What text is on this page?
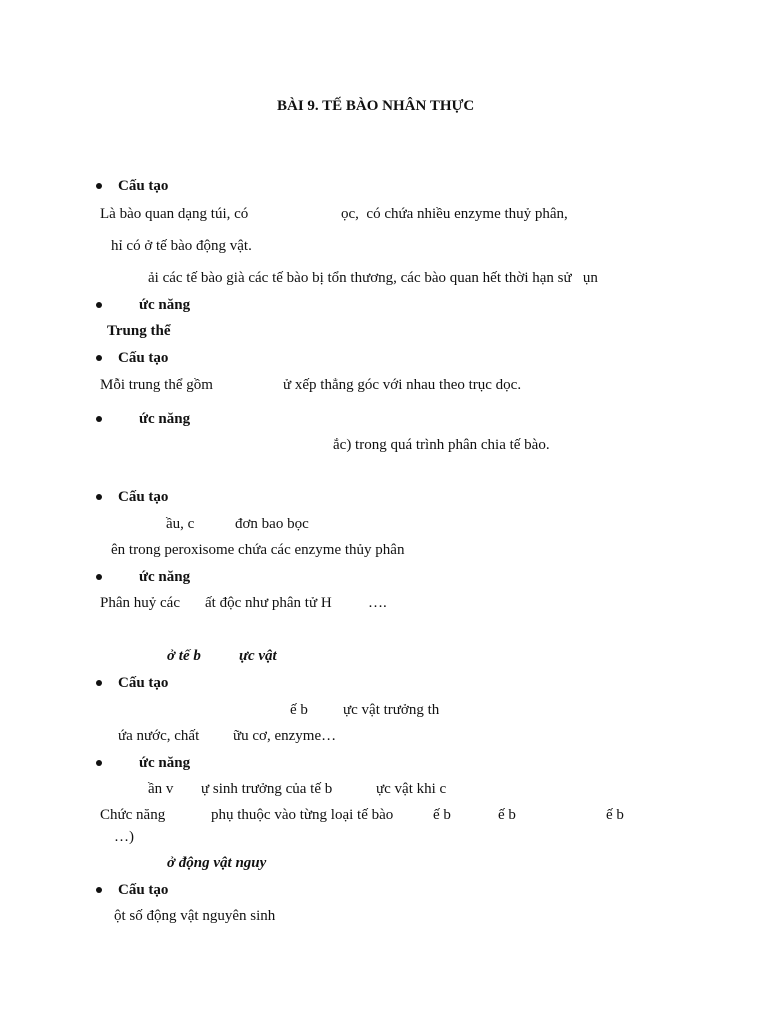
BÀI 9. TẾ BÀO NHÂN THỰC
Cấu tạo
Là bào quan dạng túi, có	ọc,  có chứa nhiều enzyme thuỷ phân,
hỉ có ở tế bào động vật.
ải các tế bào già các tế bào bị tổn thương, các bào quan hết thời hạn sử   ụn
ức năng
Trung thể
Cấu tạo
Mỗi trung thể gồm	ử xếp thẳng góc với nhau theo trục dọc.
ức năng
ắc) trong quá trình phân chia tế bào.
Cấu tạo
ầu, c	đơn bao bọc
ên trong peroxisome chứa các enzyme thủy phân
ức năng
Phân huỷ các ất độc như phân tử H ….
ở tế b	ực vật
Cấu tạo
ế b ực vật trưởng th
ứa nước, chất ữu cơ, enzyme…
ức năng
ần v ự sinh trưởng của tế b	ực vật khi c
Chức năng	phụ thuộc vào từng loại tế bào	ế b	ế b	ế b
…)
ở động vật nguy
Cấu tạo
ột số động vật nguyên sinh
